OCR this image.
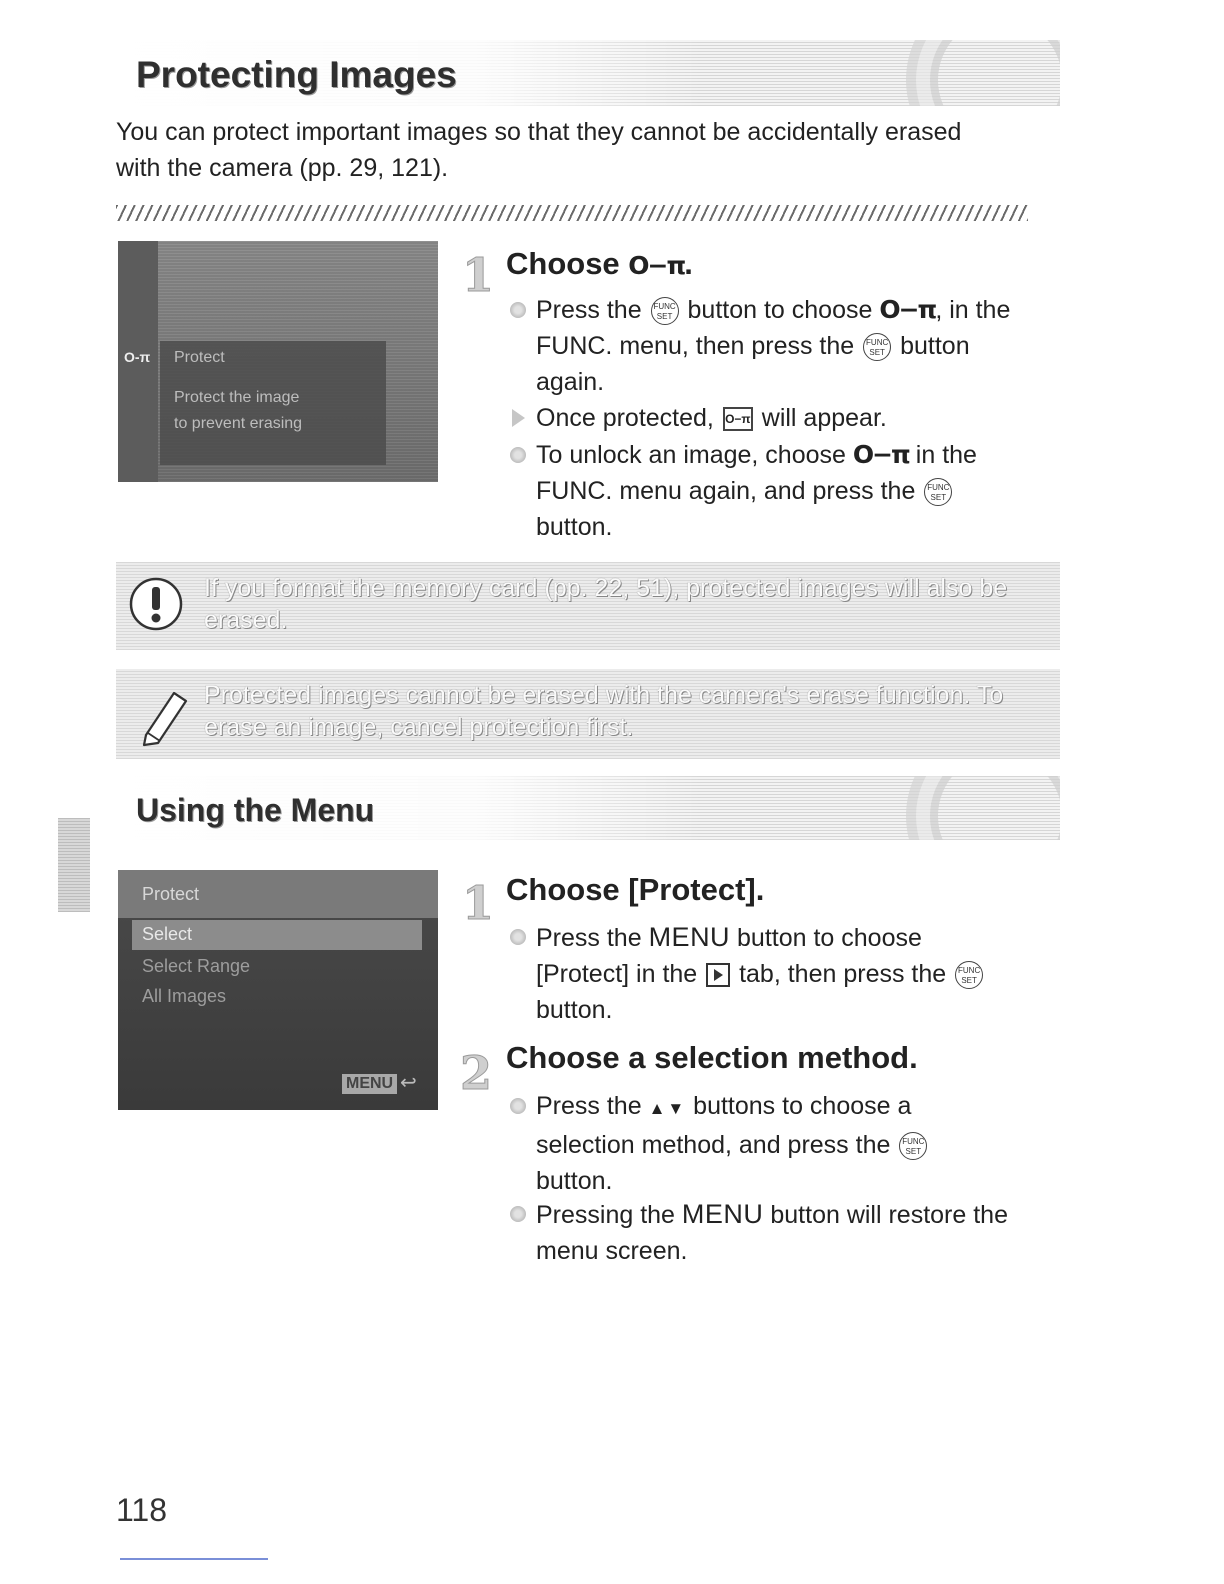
Protecting Images
You can protect important images so that they cannot be accidentally erased
with the camera (pp. 29, 121).
O-π Protect
Protect the image
to prevent erasing
1 Choose O−π.
Press the FUNC
SET button to choose O−π, in the
FUNC. menu, then press the FUNC
SET button
again.
Once protected, O−π will appear.
To unlock an image, choose O−π in the
FUNC. menu again, and press the FUNC
SET
button.
If you format the memory card (pp. 22, 51), protected images will also be
erased.
Protected images cannot be erased with the camera's erase function. To
erase an image, cancel protection first.
Using the Menu
Protect
Select
Select Range
All Images
MENU ↩
1 Choose [Protect].
Press the MENU button to choose
[Protect] in the  tab, then press the FUNC
SET
button.
2 Choose a selection method.
Press the ▲▼ buttons to choose a
selection method, and press the FUNC
SET
button.
Pressing the MENU button will restore the
menu screen.
118
